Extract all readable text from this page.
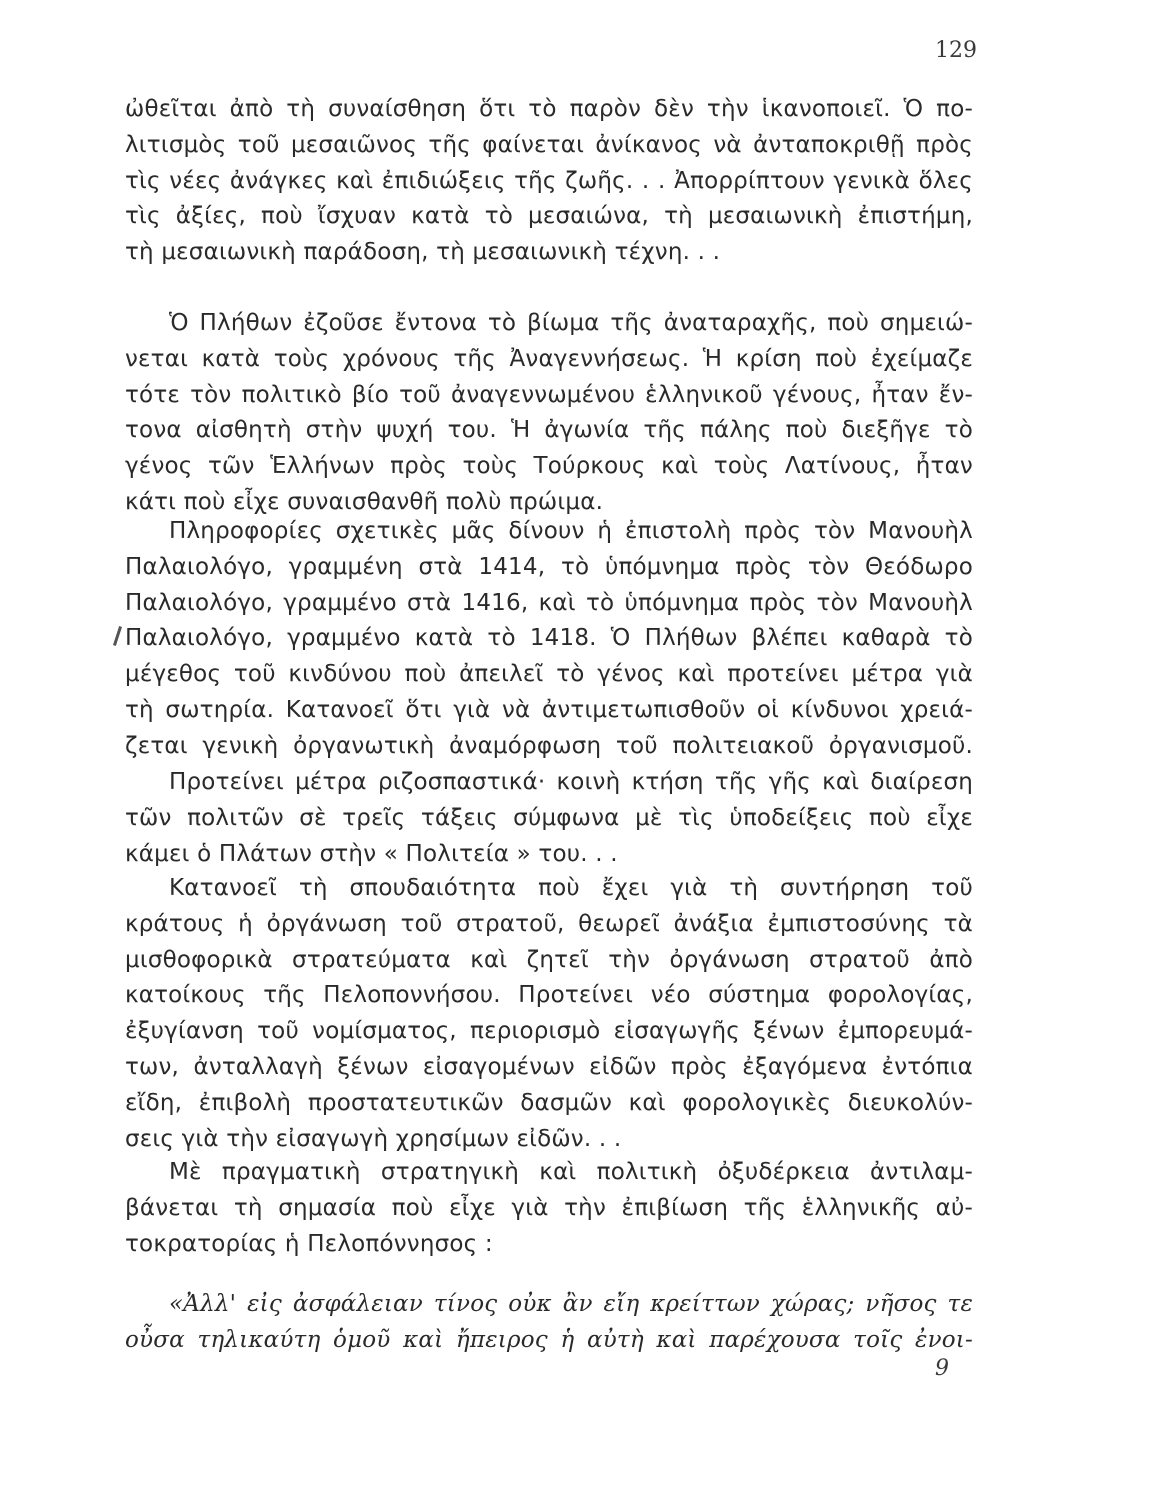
129
ὠθεῖται ἀπὸ τὴ συναίσθηση ὅτι τὸ παρὸν δὲν τὴν ἱκανοποιεῖ. Ὁ πο-
λιτισμὸς τοῦ μεσαιῶνος τῆς φαίνεται ἀνίκανος νὰ ἀνταποκριθῇ πρὸς
τὶς νέες ἀνάγκες καὶ ἐπιδιώξεις τῆς ζωῆς. . . Ἀπορρίπτουν γενικὰ ὅλες
τὶς ἀξίες, ποὺ ἴσχυαν κατὰ τὸ μεσαιώνα, τὴ μεσαιωνικὴ ἐπιστήμη,
τὴ μεσαιωνικὴ παράδοση, τὴ μεσαιωνικὴ τέχνη. . .
Ὁ Πλήθων ἐζοῦσε ἔντονα τὸ βίωμα τῆς ἀναταραχῆς, ποὺ σημειώ-
νεται κατὰ τοὺς χρόνους τῆς Ἀναγεννήσεως. Ἡ κρίση ποὺ ἐχείμαζε
τότε τὸν πολιτικὸ βίο τοῦ ἀναγεννωμένου ἑλληνικοῦ γένους, ἦταν ἔν-
τονα αἰσθητὴ στὴν ψυχή του. Ἡ ἀγωνία τῆς πάλης ποὺ διεξῆγε τὸ
γένος τῶν Ἑλλήνων πρὸς τοὺς Τούρκους καὶ τοὺς Λατίνους, ἦταν
κάτι ποὺ εἶχε συναισθανθῆ πολὺ πρώιμα.
Πληροφορίες σχετικὲς μᾶς δίνουν ἡ ἐπιστολὴ πρὸς τὸν Μανουὴλ
Παλαιολόγο, γραμμένη στὰ 1414, τὸ ὑπόμνημα πρὸς τὸν Θεόδωρο
Παλαιολόγο, γραμμένο στὰ 1416, καὶ τὸ ὑπόμνημα πρὸς τὸν Μανουὴλ
Παλαιολόγο, γραμμένο κατὰ τὸ 1418. Ὁ Πλήθων βλέπει καθαρὰ τὸ
μέγεθος τοῦ κινδύνου ποὺ ἀπειλεῖ τὸ γένος καὶ προτείνει μέτρα γιὰ
τὴ σωτηρία. Κατανοεῖ ὅτι γιὰ νὰ ἀντιμετωπισθοῦν οἱ κίνδυνοι χρειά-
ζεται γενικὴ ὀργανωτικὴ ἀναμόρφωση τοῦ πολιτειακοῦ ὀργανισμοῦ.
Προτείνει μέτρα ριζοσπαστικά· κοινὴ κτήση τῆς γῆς καὶ διαίρεση
τῶν πολιτῶν σὲ τρεῖς τάξεις σύμφωνα μὲ τὶς ὑποδείξεις ποὺ εἶχε
κάμει ὁ Πλάτων στὴν « Πολιτεία » του. . .
Κατανοεῖ τὴ σπουδαιότητα ποὺ ἔχει γιὰ τὴ συντήρηση τοῦ
κράτους ἡ ὀργάνωση τοῦ στρατοῦ, θεωρεῖ ἀνάξια ἐμπιστοσύνης τὰ
μισθοφορικὰ στρατεύματα καὶ ζητεῖ τὴν ὀργάνωση στρατοῦ ἀπὸ
κατοίκους τῆς Πελοποννήσου. Προτείνει νέο σύστημα φορολογίας,
ἐξυγίανση τοῦ νομίσματος, περιορισμὸ εἰσαγωγῆς ξένων ἐμπορευμά-
των, ἀνταλλαγὴ ξένων εἰσαγομένων εἰδῶν πρὸς ἐξαγόμενα ἐντόπια
εἴδη, ἐπιβολὴ προστατευτικῶν δασμῶν καὶ φορολογικὲς διευκολύν-
σεις γιὰ τὴν εἰσαγωγὴ χρησίμων εἰδῶν. . .
Μὲ πραγματικὴ στρατηγικὴ καὶ πολιτικὴ ὀξυδέρκεια ἀντιλαμ-
βάνεται τὴ σημασία ποὺ εἶχε γιὰ τὴν ἐπιβίωση τῆς ἑλληνικῆς αὐ-
τοκρατορίας ἡ Πελοπόννησος :
«Ἀλλ' εἰς ἀσφάλειαν τίνος οὐκ ἂν εἴη κρείττων χώρας; νῆσος τε
οὖσα τηλικαύτη ὁμοῦ καὶ ἤπειρος ἡ αὐτὴ καὶ παρέχουσα τοῖς ἐνοι-
9
